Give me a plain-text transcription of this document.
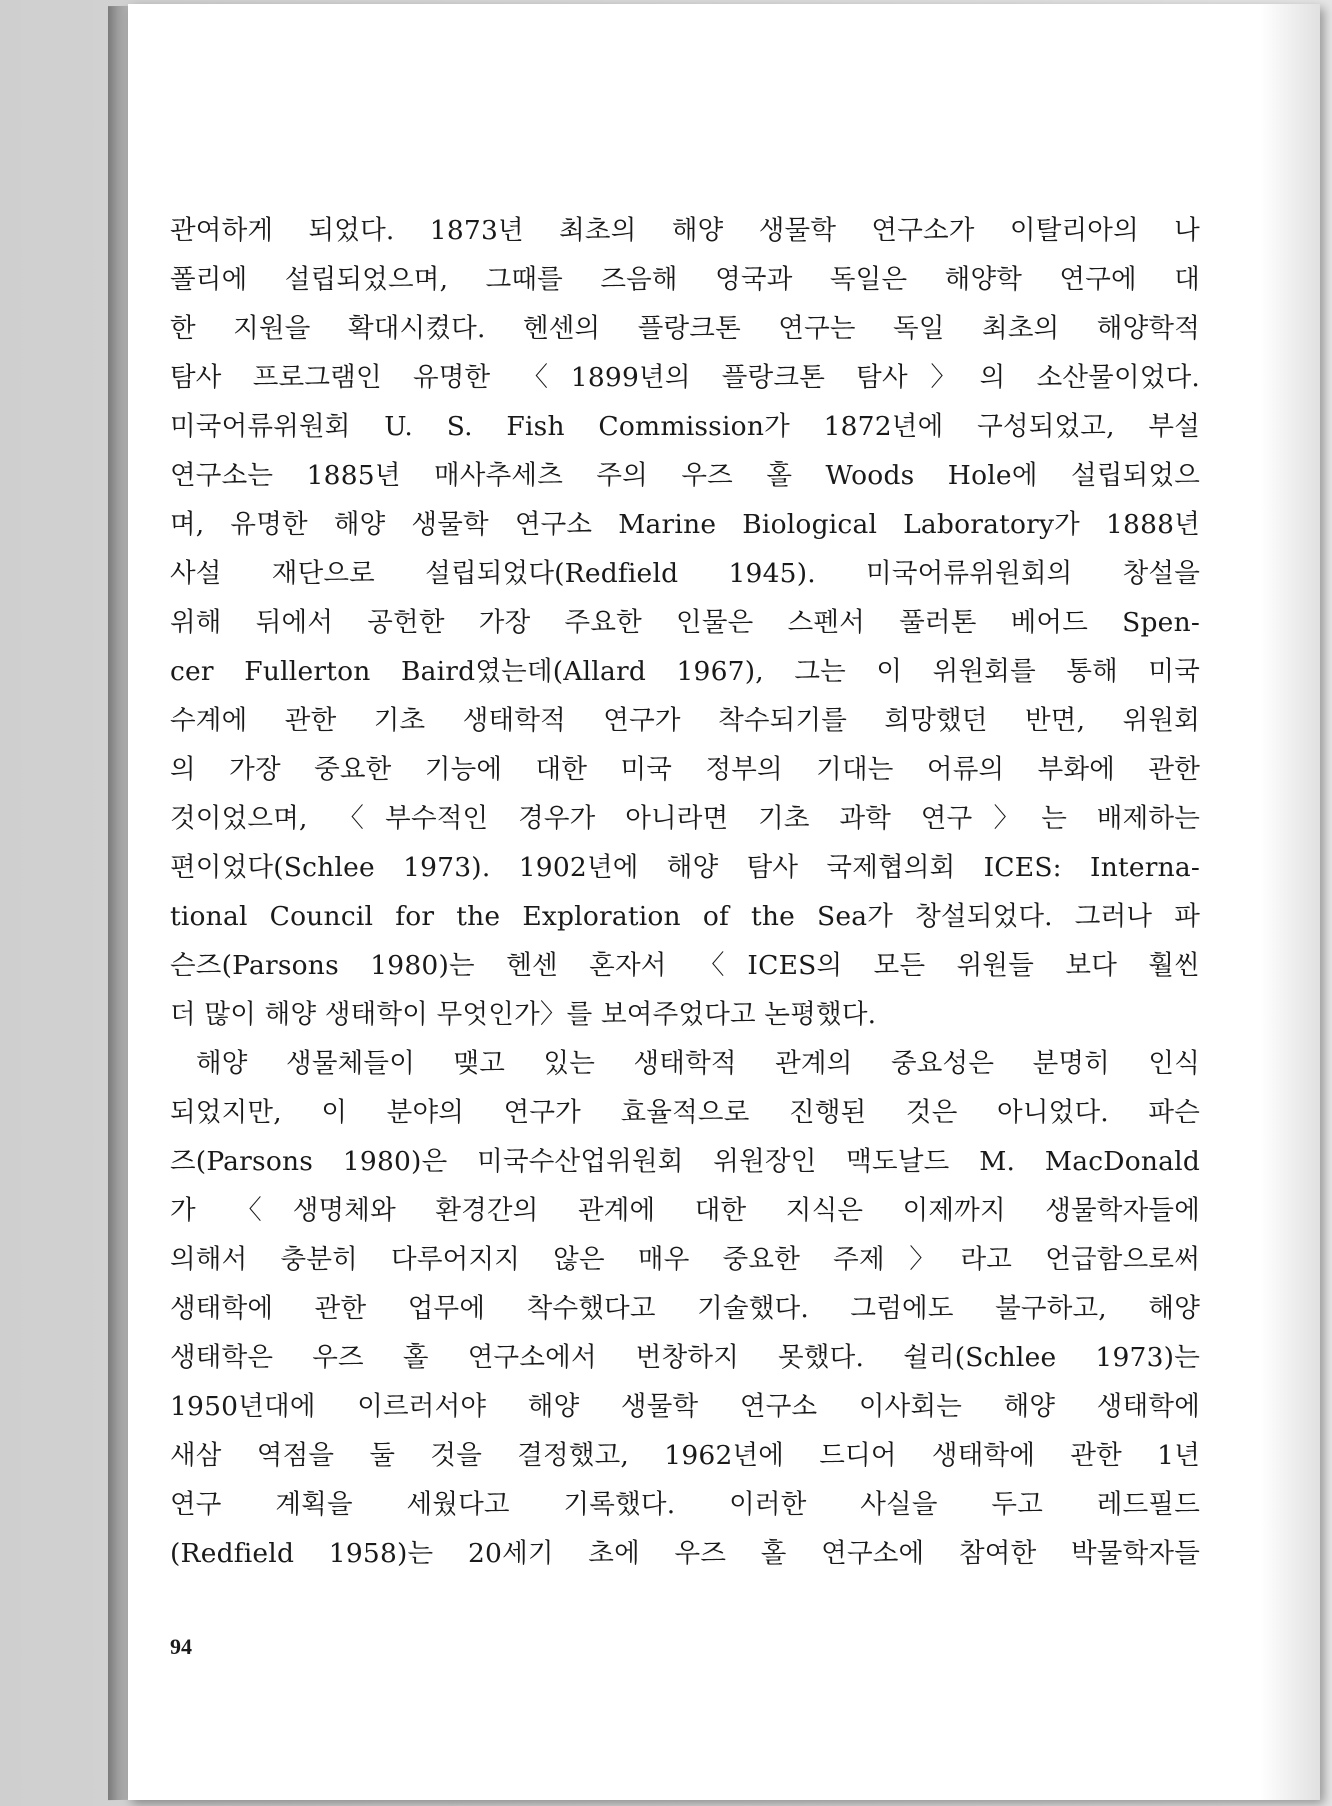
관여하게 되었다. 1873년 최초의 해양 생물학 연구소가 이탈리아의 나
폴리에 설립되었으며, 그때를 즈음해 영국과 독일은 해양학 연구에 대
한 지원을 확대시켰다. 헨센의 플랑크톤 연구는 독일 최초의 해양학적
탐사 프로그램인 유명한 〈1899년의 플랑크톤 탐사〉의 소산물이었다.
미국어류위원회 U. S. Fish Commission가 1872년에 구성되었고, 부설
연구소는 1885년 매사추세츠 주의 우즈 홀 Woods Hole에 설립되었으
며, 유명한 해양 생물학 연구소 Marine Biological Laboratory가 1888년
사설 재단으로 설립되었다(Redfield 1945). 미국어류위원회의 창설을
위해 뒤에서 공헌한 가장 주요한 인물은 스펜서 풀러톤 베어드 Spen-
cer Fullerton Baird였는데(Allard 1967), 그는 이 위원회를 통해 미국
수계에 관한 기초 생태학적 연구가 착수되기를 희망했던 반면, 위원회
의 가장 중요한 기능에 대한 미국 정부의 기대는 어류의 부화에 관한
것이었으며, 〈부수적인 경우가 아니라면 기초 과학 연구〉는 배제하는
편이었다(Schlee 1973). 1902년에 해양 탐사 국제협의회 ICES: Interna-
tional Council for the Exploration of the Sea가 창설되었다. 그러나 파
슨즈(Parsons 1980)는 헨센 혼자서 〈ICES의 모든 위원들 보다 훨씬
더 많이 해양 생태학이 무엇인가〉를 보여주었다고 논평했다.
해양 생물체들이 맺고 있는 생태학적 관계의 중요성은 분명히 인식
되었지만, 이 분야의 연구가 효율적으로 진행된 것은 아니었다. 파슨
즈(Parsons 1980)은 미국수산업위원회 위원장인 맥도날드 M. MacDonald
가 〈생명체와 환경간의 관계에 대한 지식은 이제까지 생물학자들에
의해서 충분히 다루어지지 않은 매우 중요한 주제〉라고 언급함으로써
생태학에 관한 업무에 착수했다고 기술했다. 그럼에도 불구하고, 해양
생태학은 우즈 홀 연구소에서 번창하지 못했다. 쉴리(Schlee 1973)는
1950년대에 이르러서야 해양 생물학 연구소 이사회는 해양 생태학에
새삼 역점을 둘 것을 결정했고, 1962년에 드디어 생태학에 관한 1년
연구 계획을 세웠다고 기록했다. 이러한 사실을 두고 레드필드
(Redfield 1958)는 20세기 초에 우즈 홀 연구소에 참여한 박물학자들
94
